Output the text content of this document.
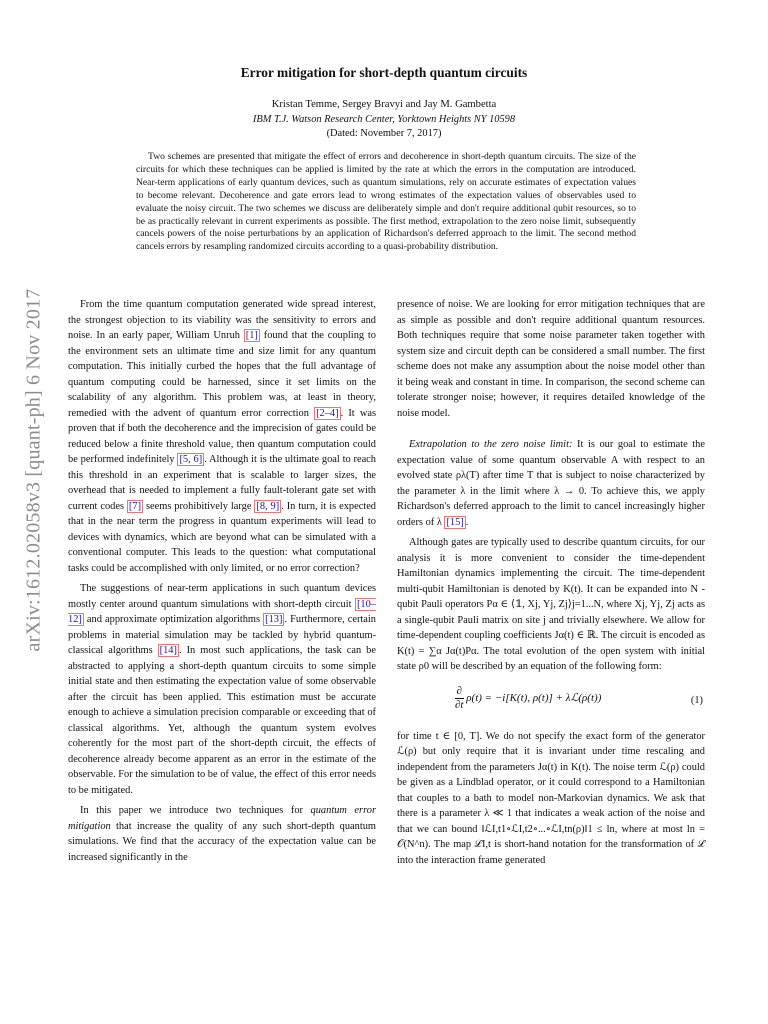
arXiv:1612.02058v3 [quant-ph] 6 Nov 2017
Error mitigation for short-depth quantum circuits
Kristan Temme, Sergey Bravyi and Jay M. Gambetta
IBM T.J. Watson Research Center, Yorktown Heights NY 10598
(Dated: November 7, 2017)
Two schemes are presented that mitigate the effect of errors and decoherence in short-depth quantum circuits. The size of the circuits for which these techniques can be applied is limited by the rate at which the errors in the computation are introduced. Near-term applications of early quantum devices, such as quantum simulations, rely on accurate estimates of expectation values to become relevant. Decoherence and gate errors lead to wrong estimates of the expectation values of observables used to evaluate the noisy circuit. The two schemes we discuss are deliberately simple and don't require additional qubit resources, so to be as practically relevant in current experiments as possible. The first method, extrapolation to the zero noise limit, subsequently cancels powers of the noise perturbations by an application of Richardson's deferred approach to the limit. The second method cancels errors by resampling randomized circuits according to a quasi-probability distribution.

From the time quantum computation generated wide spread interest, the strongest objection to its viability was the sensitivity to errors and noise. In an early paper, William Unruh [1] found that the coupling to the environment sets an ultimate time and size limit for any quantum computation. This initially curbed the hopes that the full advantage of quantum computing could be harnessed, since it set limits on the scalability of any algorithm. This problem was, at least in theory, remedied with the advent of quantum error correction [2–4] . It was proven that if both the decoherence and the imprecision of gates could be reduced below a finite threshold value, then quantum computation could be performed indefinitely [5, 6] . Although it is the ultimate goal to reach this threshold in an experiment that is scalable to larger sizes, the overhead that is needed to implement a fully fault-tolerant gate set with current codes [7] seems prohibitively large [8, 9] . In turn, it is expected that in the near term the progress in quantum experiments will lead to devices with dynamics, which are beyond what can be simulated with a conventional computer. This leads to the question: what computational tasks could be accomplished with only limited, or no error correction?

The suggestions of near-term applications in such quantum devices mostly center around quantum simulations with short-depth circuit [10–12] and approximate optimization algorithms [13] . Furthermore, certain problems in material simulation may be tackled by hybrid quantum-classical algorithms [14] . In most such applications, the task can be abstracted to applying a short-depth quantum circuits to some simple initial state and then estimating the expectation value of some observable after the circuit has been applied. This estimation must be accurate enough to achieve a simulation precision comparable or exceeding that of classical algorithms. Yet, although the quantum system evolves coherently for the most part of the short-depth circuit, the effects of decoherence already become apparent as an error in the estimate of the observable. For the simulation to be of value, the effect of this error needs to be mitigated.

In this paper we introduce two techniques for quantum error mitigation that increase the quality of any such short-depth quantum simulations. We find that the accuracy of the expectation value can be increased significantly in the

presence of noise. We are looking for error mitigation techniques that are as simple as possible and don't require additional quantum resources. Both techniques require that some noise parameter taken together with system size and circuit depth can be considered a small number. The first scheme does not make any assumption about the noise model other than it being weak and constant in time. In comparison, the second scheme can tolerate stronger noise; however, it requires detailed knowledge of the noise model.

Extrapolation to the zero noise limit: It is our goal to estimate the expectation value of some quantum observable A with respect to an evolved state ρλ(T) after time T that is subject to noise characterized by the parameter λ in the limit where λ → 0. To achieve this, we apply Richardson's deferred approach to the limit to cancel increasingly higher orders of λ [15] .

Although gates are typically used to describe quantum circuits, for our analysis it is more convenient to consider the time-dependent Hamiltonian dynamics implementing the circuit. The time-dependent multi-qubit Hamiltonian is denoted by K(t). It can be expanded into N - qubit Pauli operators Pα ∈ ⟨𝟙, Xj, Yj, Zj⟩j=1...N, where Xj, Yj, Zj acts as a single-qubit Pauli matrix on site j and trivially elsewhere. We allow for time-dependent coupling coefficients Jα(t) ∈ ℝ. The circuit is encoded as K(t) = ∑α Jα(t)Pα. The total evolution of the open system with initial state ρ0 will be described by an equation of the following form:

$\frac{\partial}{\partial t} \rho(t) = -i[K(t)$, ρ(t)] + λℒ(ρ(t))	(1)

for time t ∈ [0, T]. We do not specify the exact form of the generator ℒ(ρ) but only require that it is invariant under time rescaling and independent from the parameters Jα(t) in K(t). The noise term ℒ(ρ) could be given as a Lindblad operator, or it could correspond to a Hamiltonian that couples to a bath to model non-Markovian dynamics. We ask that there is a parameter λ ≪ 1 that indicates a weak action of the noise and that we can bound ‖ℒI,t1∘ℒI,t2∘...∘ℒI,tn(ρ)‖1 ≤ ln, where at most ln = 𝒪(N^n). The map ℒI,t is short-hand notation for the transformation of ℒ into the interaction frame generated
